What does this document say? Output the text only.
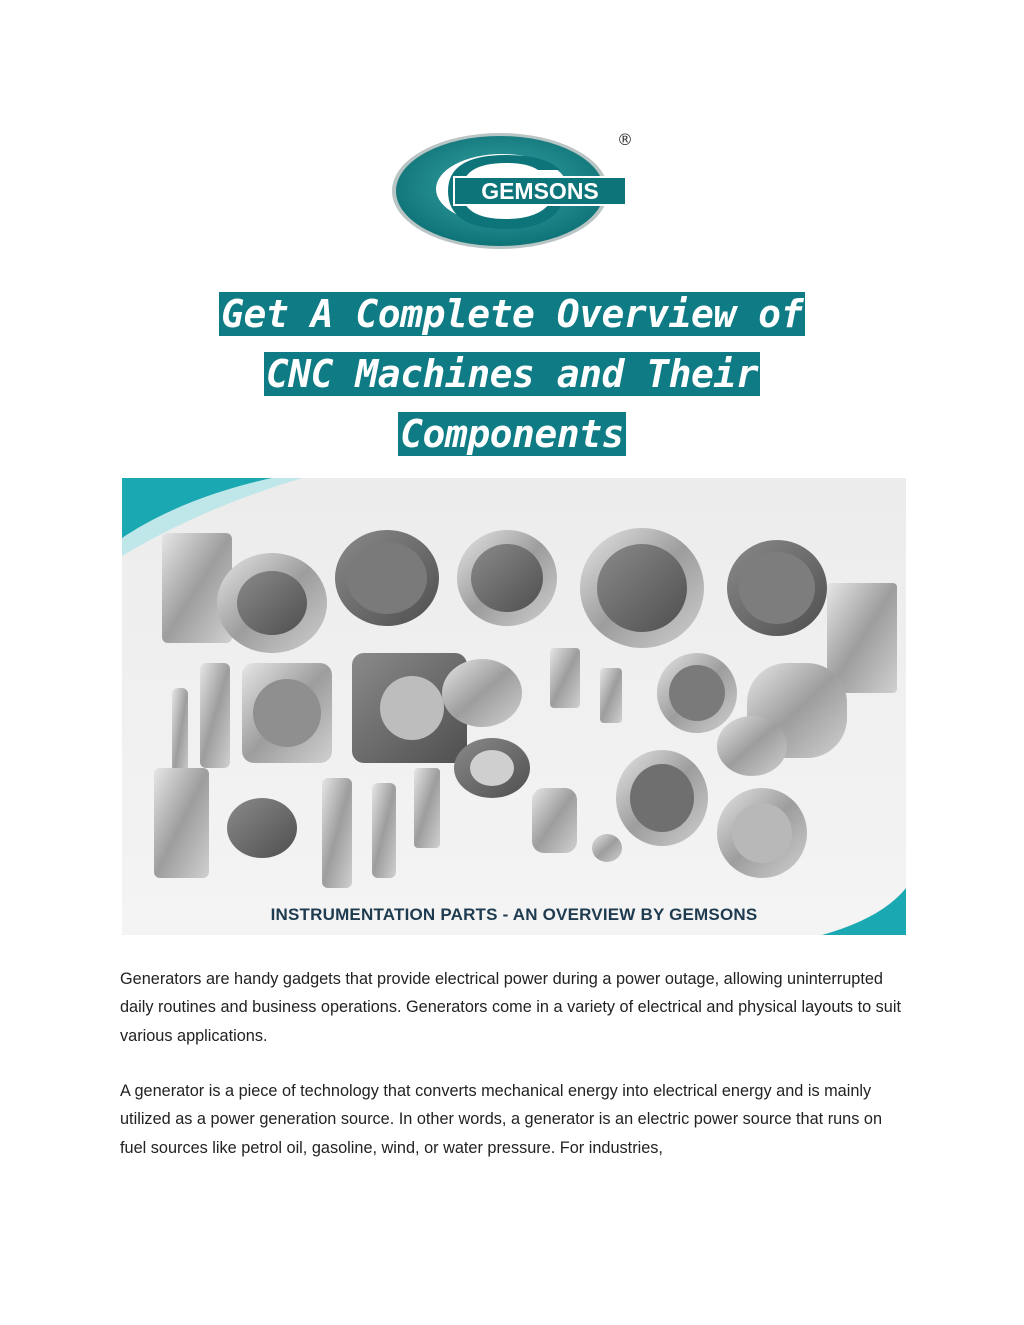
GEMSONS
®
Get A Complete Overview of
CNC Machines and Their
Components
INSTRUMENTATION PARTS - AN OVERVIEW BY GEMSONS

Generators are handy gadgets that provide electrical power during a power outage, allowing uninterrupted daily routines and business operations. Generators come in a variety of electrical and physical layouts to suit various applications.

A generator is a piece of technology that converts mechanical energy into electrical energy and is mainly utilized as a power generation source. In other words, a generator is an electric power source that runs on fuel sources like petrol oil, gasoline, wind, or water pressure. For industries,
